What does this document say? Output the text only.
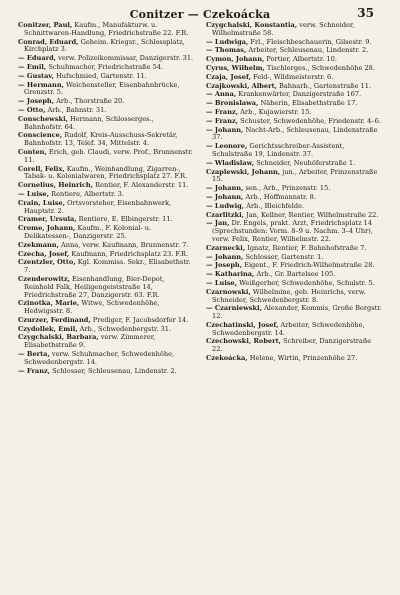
Conitzer — Czekoácka	35
Conitzer, Paul, Kaufm., Manufakturw. u. Schnittwaren-Handlung, Friedrichstraße 22. F.R.
Conrad, Eduard, Geheim. Kriegsr., Schlossplatz, Kirchplatz 3.
— Eduard, verw. Polizeikommissar, Danzigerstr. 31.
— Emil, Schuhmacher, Friedrichstraße 54.
— Gustav, Hufschmied, Gartenstr. 11.
— Hermann, Weichensteller, Eisenbahnbrücke, Grenzstr. 5.
— Joseph, Arb., Thorstraße 20.
— Otto, Arb., Bahnstr. 31.
Conschewski, Hermann, Schlosserges., Bahnhofstr. 64.
Conscience, Rudolf, Kreis-Ausschuss-Sekretär, Bahnhofstr. 13, Telef. 34, Mittelstr. 4.
Conten, Erich, geb. Claudi, verw. Prof., Brunnenstr. 11.
Corell, Felix, Kaufm., Weinhandlung, Zigarren-, Tabak- u. Kolonialwaren, Friedrichsplatz 27. F.R.
Cornelius, Heinrich, Rentier, F. Alexanderstr. 11.
— Luise, Rentiere, Albertstr. 3.
Crain, Luise, Ortsvorsteher, Eisenbahnwerk, Hauptstr. 2.
Cramer, Ursula, Rentiere, E. Elbingerstr. 11.
Crome, Johann, Kaufm., F. Kolonial- u. Delikatessen-, Danzigerstr. 25.
Czekmann, Anna, verw. Kaufmann, Brunnenstr. 7.
Czecha, Josef, Kaufmann, Friedrichsplatz 23. F.R.
Czentzler, Otto, Kgl. Kommiss. Sekr., Elisabethstr. 7.
Czenderowitz, Eisenhandlung, Bier-Depot, Reinhold Falk, Heiligengeiststraße 14, Friedrichstraße 27, Danzigerstr. 63. F.R.
Czinotka, Marie, Witwe, Schwedenhöhe, Hedwigsstr. 8.
Czurzer, Ferdinand, Prediger, F. Jacobsdorfer 14.
Czydollek, Emil, Arb., Schwedenbergstr. 31.
Czygchalski, Barbara, verw. Zimmerer, Elisabethstraße 9.
— Berta, verw. Schuhmacher, Schwedenhöhe, Schwedenbergstr. 14.
— Franz, Schlosser, Schleusenau, Lindenstr. 2.
Czygchalski, Konstantia, verw. Schneider, Wilhelmstraße 58.
— Ludwiga, Frl., Fleischbeschauerin, Gilsestr. 9.
— Thomas, Arbeiter, Schleusenau, Lindenstr. 2.
Cymon, Johann, Portier, Albertstr. 10.
Cyrus, Wilhelm, Tischlerges., Schwedenhöhe 28.
Czaja, Josef, Feld-, Wildmeisterstr. 6.
Czajkowski, Albert, Bahnarb., Gartenstraße 11.
— Anna, Krankenwärter, Danzigerstraße 167.
— Bronislawa, Näherin, Elisabethstraße 17.
— Franz, Arb., Kujawierstr. 15.
— Franz, Schuster, Schwedenhöhe, Friedenstr. 4–6.
— Johann, Nacht-Arb., Schleusenau, Lindenstraße 37.
— Leonore, Gerichtsschreiber-Assistent, Schulstraße 19, Lindenstr. 37.
— Wladislaw, Schneider, Neuhöferstraße 1.
Czaplewski, Johann, jun., Arbeiter, Prinzenstraße 15.
— Johann, sen., Arb., Prinzenstr. 15.
— Johann, Arb., Hoffmannstr. 8.
— Ludwig, Arb., Bleichfelde.
Czarlitzki, Jan, Kellner, Rentier, Wilhelmstraße 22.
— Jan, Dr. Engels, prakt. Arzt, Friedrichsplatz 14 (Sprechstunden: Vorm. 8–9 u. Nachm. 3–4 Uhr), verw. Felix, Rentier, Wilhelmstr. 22.
Czarnecki, Ignatz, Rentier, F. Bahnhofstraße 7.
— Johann, Schlosser, Gartenstr. 1.
— Joseph, Eigent., F. Friedrich-Wilhelmstraße 28.
— Katharina, Arb., Gr. Bartelsee 105.
— Luise, Weißgerber, Schwedenhöhe, Schulstr. 5.
Czarnowski, Wilhelmine, geb. Heinrichs, verw. Schneider, Schwedenbergstr. 8.
— Czarniewski, Alexander, Kommis, Große Bergstr. 12.
Czechatinski, Josef, Arbeiter, Schwedenhöhe, Schwedenbergstr. 14.
Czechowski, Robert, Schreiber, Danzigerstraße 22.
Czekoácka, Helene, Wirtin, Prinzenhöhe 27.
